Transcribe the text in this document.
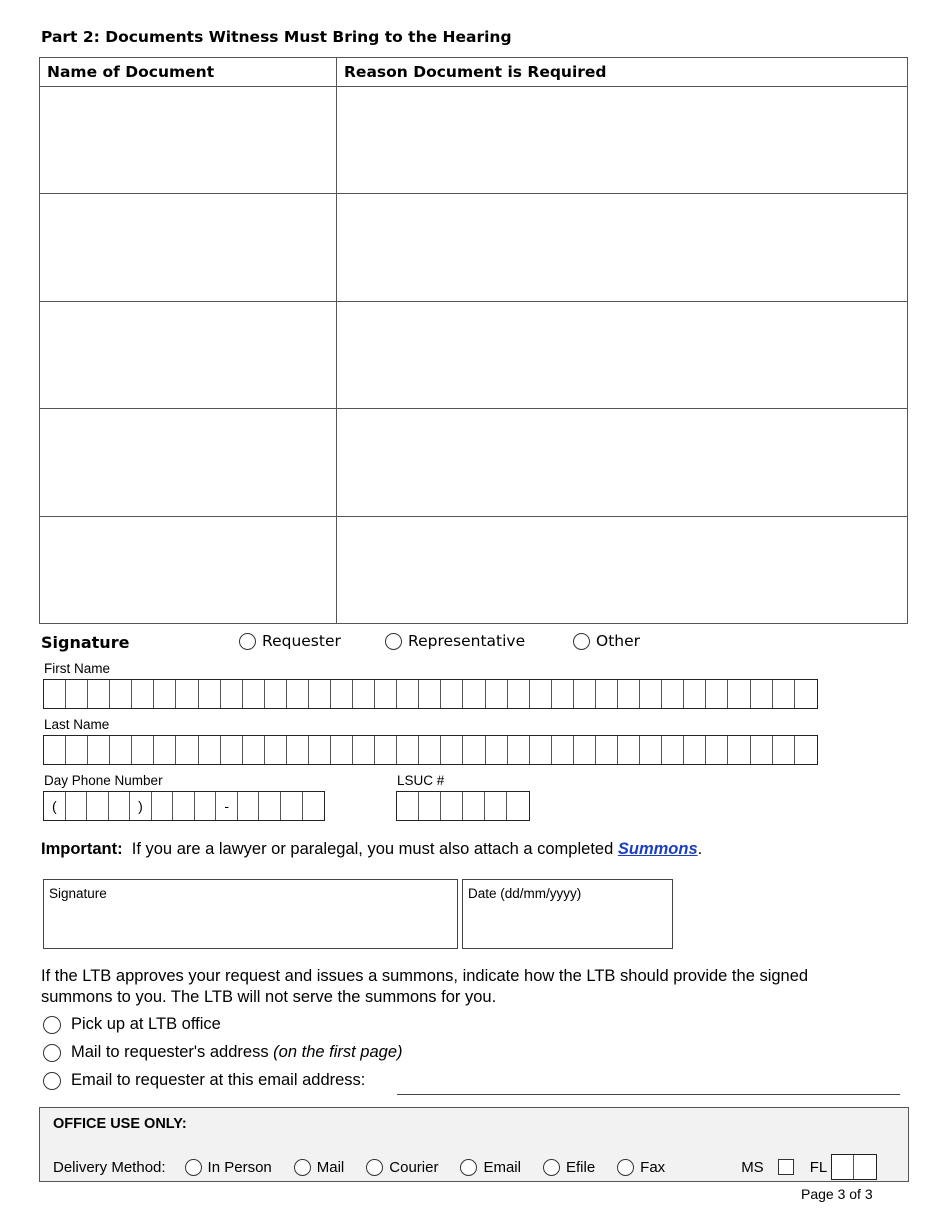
Part 2: Documents Witness Must Bring to the Hearing
Name of Document	Reason Document is Required

Signature	Requester	Representative	Other
First Name
Last Name
Day Phone Number
(	)	-
LSUC #
Important: If you are a lawyer or paralegal, you must also attach a completed Summons.
Signature	Date (dd/mm/yyyy)
If the LTB approves your request and issues a summons, indicate how the LTB should provide the signed summons to you. The LTB will not serve the summons for you.
Pick up at LTB office
Mail to requester's address (on the first page)
Email to requester at this email address:
OFFICE USE ONLY:
Delivery Method:	In Person	Mail	Courier	Email	Efile	Fax	MS	FL
Page 3 of 3
